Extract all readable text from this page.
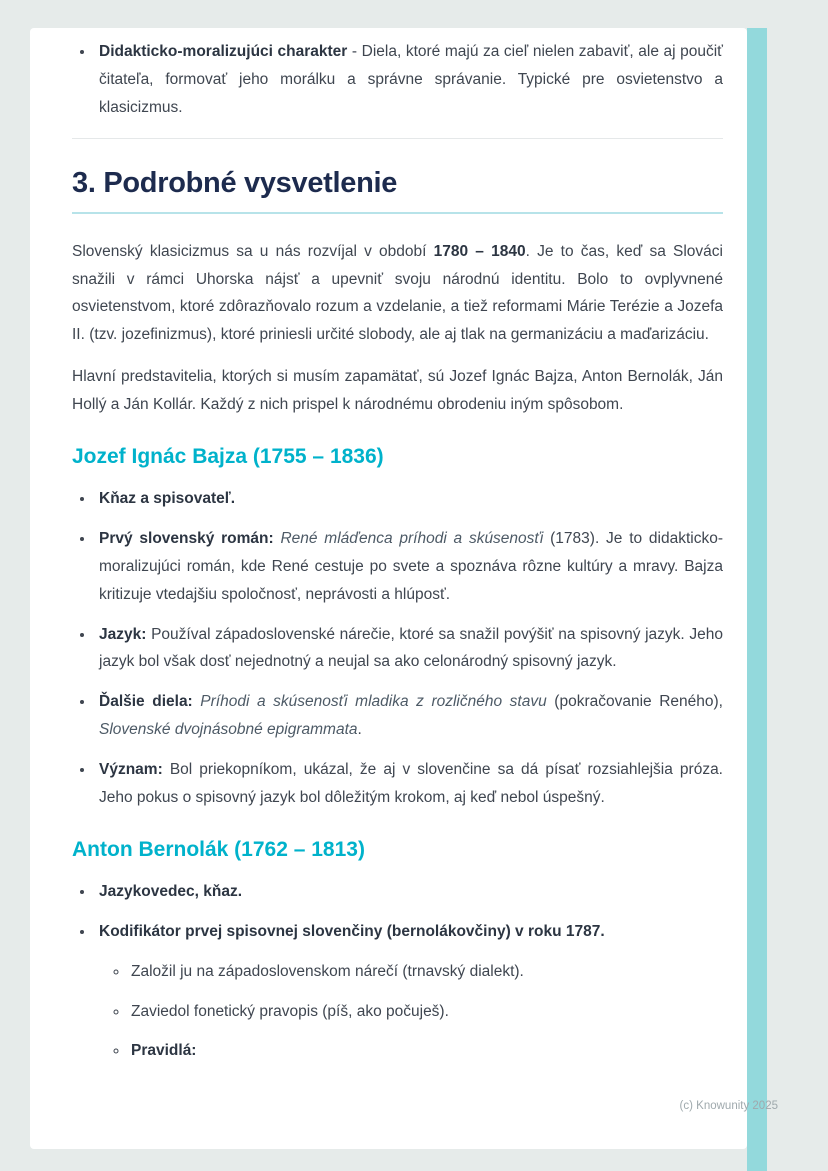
• Didakticko-moralizujúci charakter - Diela, ktoré majú za cieľ nielen zabaviť, ale aj poučiť čitateľa, formovať jeho morálku a správne správanie. Typické pre osvietenstvo a klasicizmus.
3. Podrobné vysvetlenie

Slovenský klasicizmus sa u nás rozvíjal v období 1780 – 1840. Je to čas, keď sa Slováci snažili v rámci Uhorska nájsť a upevniť svoju národnú identitu. Bolo to ovplyvnené osvietenstvom, ktoré zdôrazňovalo rozum a vzdelanie, a tiež reformami Márie Terézie a Jozefa II. (tzv. jozefinizmus), ktoré priniesli určité slobody, ale aj tlak na germanizáciu a maďarizáciu.

Hlavní predstavitelia, ktorých si musím zapamätať, sú Jozef Ignác Bajza, Anton Bernolák, Ján Hollý a Ján Kollár. Každý z nich prispel k národnému obrodeniu iným spôsobom.

Jozef Ignác Bajza (1755 – 1836)
• Kňaz a spisovateľ.
• Prvý slovenský román: René mláďenca príhodi a skúsenosťi (1783). Je to didakticko-moralizujúci román, kde René cestuje po svete a spoznáva rôzne kultúry a mravy. Bajza kritizuje vtedajšiu spoločnosť, neprávosti a hlúposť.
• Jazyk: Používal západoslovenské nárečie, ktoré sa snažil povýšiť na spisovný jazyk. Jeho jazyk bol však dosť nejednotný a neujal sa ako celonárodný spisovný jazyk.
• Ďalšie diela: Príhodi a skúsenosťi mladika z rozličného stavu (pokračovanie Reného), Slovenské dvojnásobné epigrammata.
• Význam: Bol priekopníkom, ukázal, že aj v slovenčine sa dá písať rozsiahlejšia próza. Jeho pokus o spisovný jazyk bol dôležitým krokom, aj keď nebol úspešný.
Anton Bernolák (1762 – 1813)
• Jazykovedec, kňaz.
• Kodifikátor prvej spisovnej slovenčiny (bernolákovčiny) v roku 1787.
◦ Založil ju na západoslovenskom nárečí (trnavský dialekt).
◦ Zaviedol fonetický pravopis (píš, ako počuješ).
◦ Pravidlá:
(c) Knowunity 2025
